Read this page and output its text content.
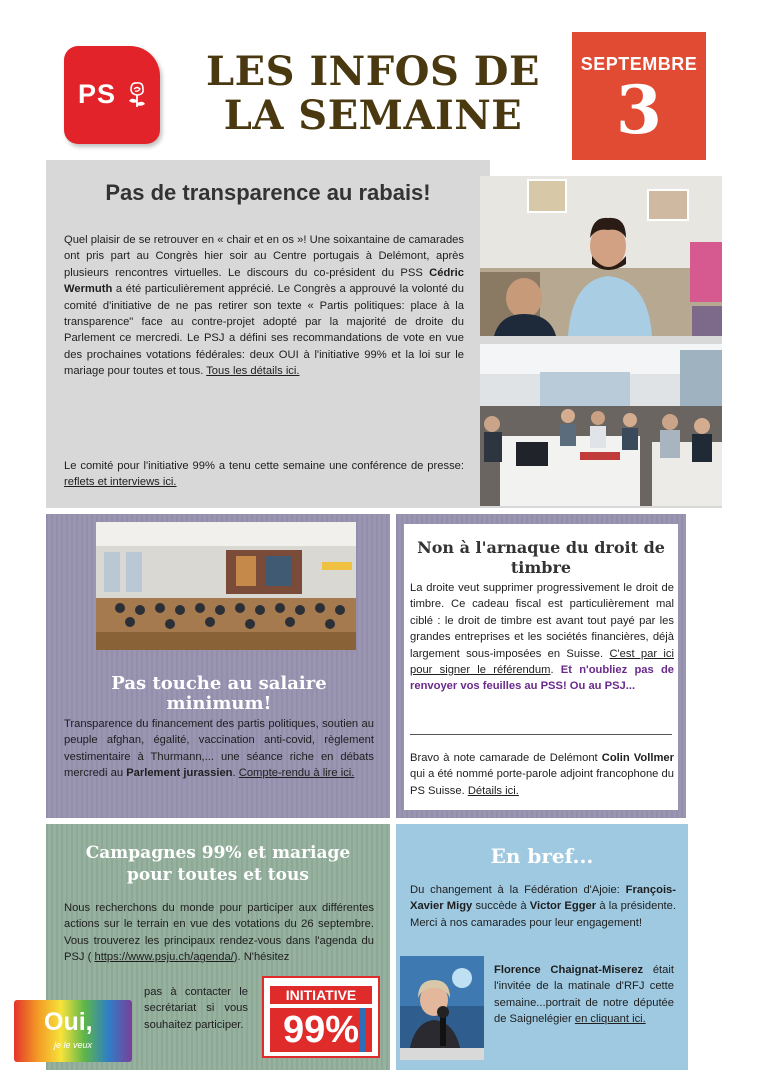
PS	LES INFOS DE
LA SEMAINE
SEPTEMBRE
3
Pas de transparence au rabais!
Quel plaisir de se retrouver en « chair et en os »! Une soixantaine de camarades ont pris part au Congrès hier soir au Centre portugais à Delémont, après plusieurs rencontres virtuelles. Le discours du co-président du PSS Cédric Wermuth a été particulièrement apprécié. Le Congrès a approuvé la volonté du comité d'initiative de ne pas retirer son texte « Partis politiques: place à la transparence" face au contre-projet adopté par la majorité de droite du Parlement ce mercredi. Le PSJ a défini ses recommandations de vote en vue des prochaines votations fédérales: deux OUI à l'initiative 99% et la loi sur le mariage pour toutes et tous. Tous les détails ici.
Le comité pour l'initiative 99% a tenu cette semaine une conférence de presse: reflets et interviews ici.
Pas touche au salaire minimum!
Transparence du financement des partis politiques, soutien au peuple afghan, égalité, vaccination anti-covid, règlement vestimentaire à Thurmann,... une séance riche en débats mercredi au Parlement jurassien. Compte-rendu à lire ici.
Non à l'arnaque du droit de timbre
La droite veut supprimer progressivement le droit de timbre. Ce cadeau fiscal est particulièrement mal ciblé : le droit de timbre est avant tout payé par les grandes entreprises et les sociétés financières, déjà largement sous-imposées en Suisse. C'est par ici pour signer le référendum. Et n'oubliez pas de renvoyer vos feuilles au PSS! Ou au PSJ...
Bravo à note camarade de Delémont Colin Vollmer qui a été nommé porte-parole adjoint francophone du PS Suisse. Détails ici.
Campagnes 99% et mariage pour toutes et tous
Nous recherchons du monde pour participer aux différentes actions sur le terrain en vue des votations du 26 septembre. Vous trouverez les principaux rendez-vous dans l'agenda du PSJ ( https://www.psju.ch/agenda/). N'hésitez
pas à contacter le secrétariat si vous souhaitez participer.
Oui,
je le veux
INITIATIVE
99%
En bref...
Du changement à la Fédération d'Ajoie: François-Xavier Migy succède à Victor Egger à la présidente. Merci à nos camarades pour leur engagement!
Florence Chaignat-Miserez était l'invitée de la matinale d'RFJ cette semaine...portrait de notre députée de Saignelégier en cliquant ici.
